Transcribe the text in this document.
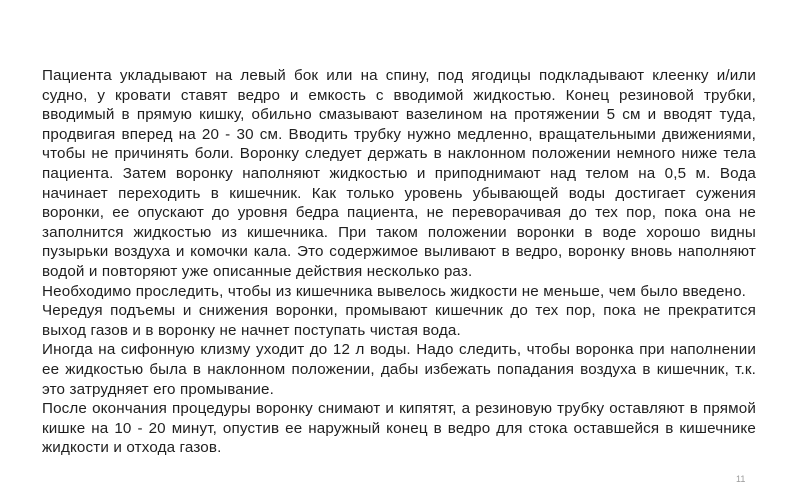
Пациента укладывают на левый бок или на спину, под ягодицы подкладывают клеенку и/или судно, у кровати ставят ведро и емкость с вводимой жидкостью. Конец резиновой трубки, вводимый в прямую кишку, обильно смазывают вазелином на протяжении 5 см и вводят туда, продвигая вперед на 20 - 30 см. Вводить трубку нужно медленно, вращательными движениями, чтобы не причинять боли. Воронку следует держать в наклонном положении немного ниже тела пациента. Затем воронку наполняют жидкостью и приподнимают над телом на 0,5 м. Вода начинает переходить в кишечник. Как только уровень убывающей воды достигает сужения воронки, ее опускают до уровня бедра пациента, не переворачивая до тех пор, пока она не заполнится жидкостью из кишечника. При таком положении воронки в воде хорошо видны пузырьки воздуха и комочки кала. Это содержимое выливают в ведро, воронку вновь наполняют водой и повторяют уже описанные действия несколько раз.

Необходимо проследить, чтобы из кишечника вывелось жидкости не меньше, чем было введено.

Чередуя подъемы и снижения воронки, промывают кишечник до тех пор, пока не прекратится выход газов и в воронку не начнет поступать чистая вода.

Иногда на сифонную клизму уходит до 12 л воды. Надо следить, чтобы воронка при наполнении ее жидкостью была в наклонном положении, дабы избежать попадания воздуха в кишечник, т.к. это затрудняет его промывание.

После окончания процедуры воронку снимают и кипятят, а резиновую трубку оставляют в прямой кишке на 10 - 20 минут, опустив ее наружный конец в ведро для стока оставшейся в кишечнике жидкости и отхода газов.

11
